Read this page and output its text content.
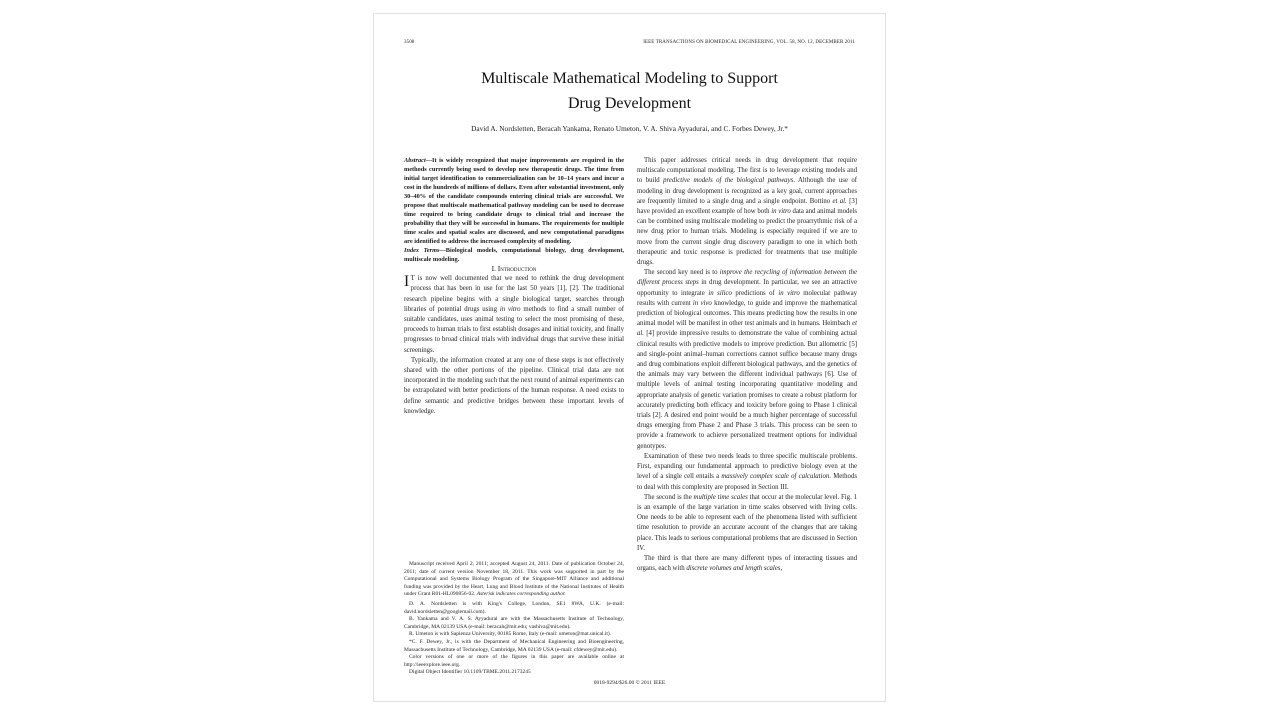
3508	IEEE TRANSACTIONS ON BIOMEDICAL ENGINEERING, VOL. 58, NO. 12, DECEMBER 2011
Multiscale Mathematical Modeling to Support
Drug Development
David A. Nordsletten, Beracah Yankama, Renato Umeton, V. A. Shiva Ayyadurai, and C. Forbes Dewey, Jr.*

Abstract—It is widely recognized that major improvements are required in the methods currently being used to develop new therapeutic drugs. The time from initial target identification to commercialization can be 10–14 years and incur a cost in the hundreds of millions of dollars. Even after substantial investment, only 30–40% of the candidate compounds entering clinical trials are successful. We propose that multiscale mathematical pathway modeling can be used to decrease time required to bring candidate drugs to clinical trial and increase the probability that they will be successful in humans. The requirements for multiple time scales and spatial scales are discussed, and new computational paradigms are identified to address the increased complexity of modeling.

Index Terms—Biological models, computational biology, drug development, multiscale modeling.

I. Introduction

I T is now well documented that we need to rethink the drug development process that has been in use for the last 50 years [1], [2]. The traditional research pipeline begins with a single biological target, searches through libraries of potential drugs using in vitro methods to find a small number of suitable candidates, uses animal testing to select the most promising of these, proceeds to human trials to first establish dosages and initial toxicity, and finally progresses to broad clinical trials with individual drugs that survive these initial screenings.

Typically, the information created at any one of these steps is not effectively shared with the other portions of the pipeline. Clinical trial data are not incorporated in the modeling such that the next round of animal experiments can be extrapolated with better predictions of the human response. A need exists to define semantic and predictive bridges between these important levels of knowledge.

Manuscript received April 2, 2011; accepted August 24, 2011. Date of publication October 24, 2011; date of current version November 18, 2011. This work was supported in part by the Computational and Systems Biology Program of the Singapore-MIT Alliance and additional funding was provided by the Heart, Lung and Blood Institute of the National Institutes of Health under Grant R01-HL090856-02. Asterisk indicates corresponding author.

D. A. Nordsletten is with King's College, London, SE1 8WA, U.K. (e-mail: david.nordsletten@googlemail.com).

B. Yankama and V. A. S. Ayyadurai are with the Massachusetts Institute of Technology, Cambridge, MA 02139 USA (e-mail: beracah@mit.edu; vashiva@mit.edu).

R. Umeton is with Sapienza University, 00185 Rome, Italy (e-mail: umeton@mat.unical.it).

*C. F. Dewey, Jr., is with the Department of Mechanical Engineering and Bioengineering, Massachusetts Institute of Technology, Cambridge, MA 02139 USA (e-mail: cfdewey@mit.edu).

Color versions of one or more of the figures in this paper are available online at http://ieeexplore.ieee.org.

Digital Object Identifier 10.1109/TBME.2011.2173245

This paper addresses critical needs in drug development that require multiscale computational modeling. The first is to leverage existing models and to build predictive models of the biological pathways. Although the use of modeling in drug development is recognized as a key goal, current approaches are frequently limited to a single drug and a single endpoint. Bottino et al. [3] have provided an excellent example of how both in vitro data and animal models can be combined using multiscale modeling to predict the proarrythmic risk of a new drug prior to human trials. Modeling is especially required if we are to move from the current single drug discovery paradigm to one in which both therapeutic and toxic response is predicted for treatments that use multiple drugs.

The second key need is to improve the recycling of information between the different process steps in drug development. In particular, we see an attractive opportunity to integrate in silico predictions of in vitro molecular pathway results with current in vivo knowledge, to guide and improve the mathematical prediction of biological outcomes. This means predicting how the results in one animal model will be manifest in other test animals and in humans. Heimbach et al. [4] provide impressive results to demonstrate the value of combining actual clinical results with predictive models to improve prediction. But allometric [5] and single-point animal–human corrections cannot suffice because many drugs and drug combinations exploit different biological pathways, and the genetics of the animals may vary between the different individual pathways [6]. Use of multiple levels of animal testing incorporating quantitative modeling and appropriate analysis of genetic variation promises to create a robust platform for accurately predicting both efficacy and toxicity before going to Phase 1 clinical trials [2]. A desired end point would be a much higher percentage of successful drugs emerging from Phase 2 and Phase 3 trials. This process can be seen to provide a framework to achieve personalized treatment options for individual genotypes.

Examination of these two needs leads to three specific multiscale problems. First, expanding our fundamental approach to predictive biology even at the level of a single cell entails a massively complex scale of calculation. Methods to deal with this complexity are proposed in Section III.

The second is the multiple time scales that occur at the molecular level. Fig. 1 is an example of the large variation in time scales observed with living cells. One needs to be able to represent each of the phenomena listed with sufficient time resolution to provide an accurate account of the changes that are taking place. This leads to serious computational problems that are discussed in Section IV.

The third is that there are many different types of interacting tissues and organs, each with discrete volumes and length scales,

0018-9294/$26.00 © 2011 IEEE
